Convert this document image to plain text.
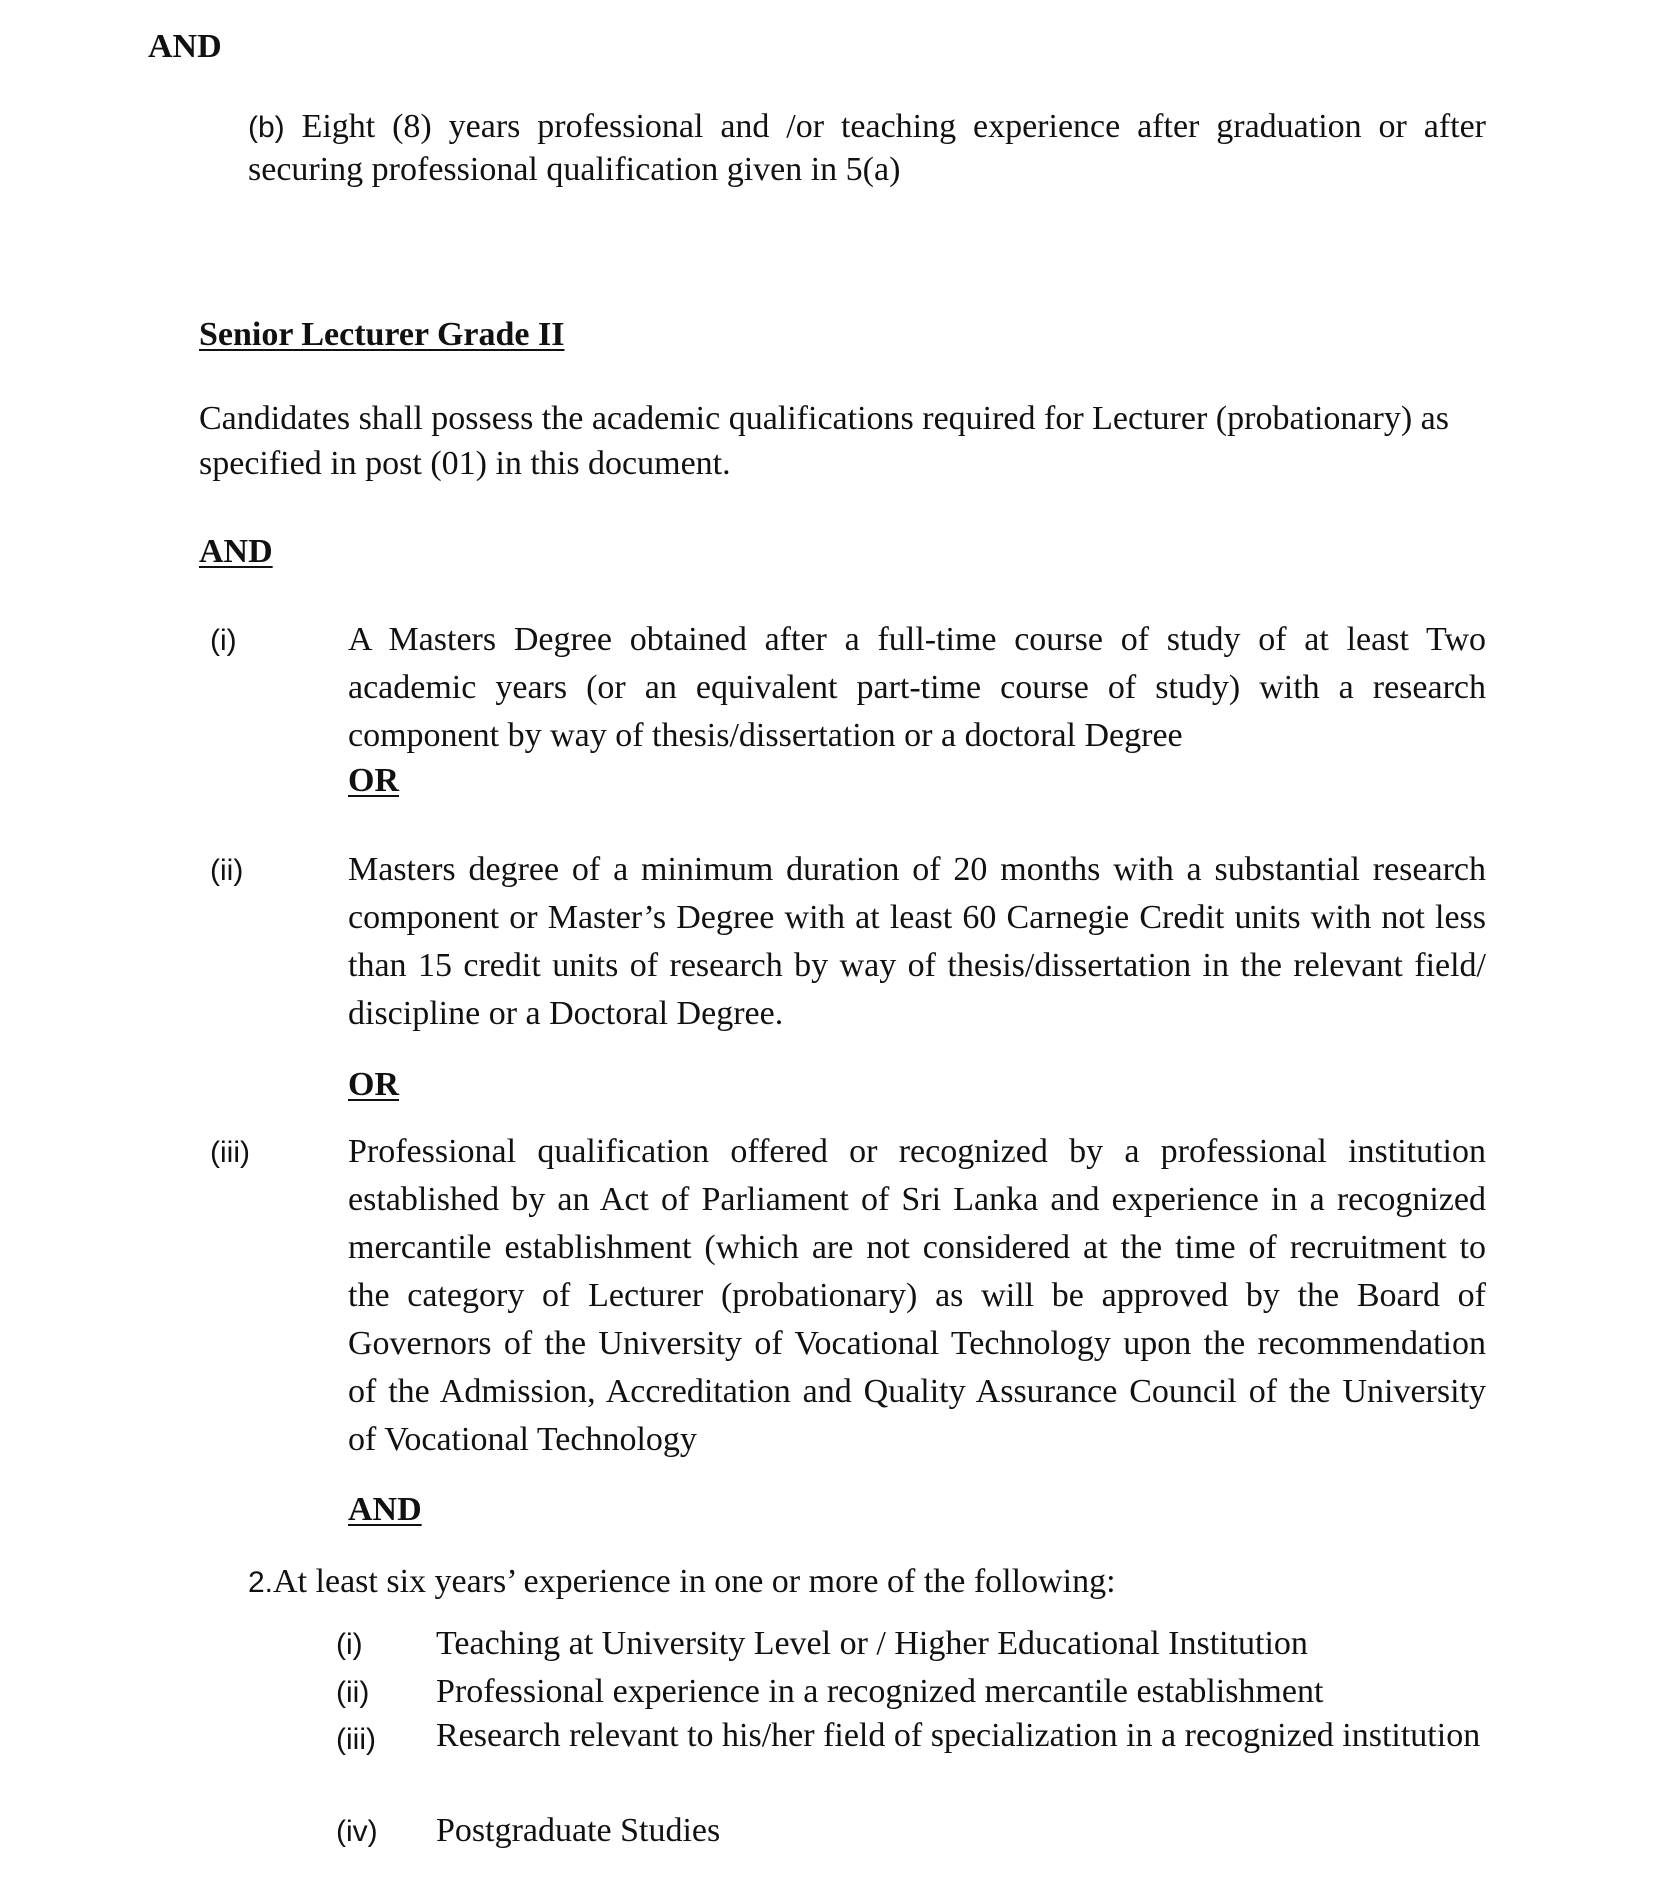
AND
(b) Eight (8) years professional and /or teaching experience after graduation or after securing professional qualification given in 5(a)
Senior Lecturer Grade II
Candidates shall possess the academic qualifications required for Lecturer (probationary) as specified in post (01) in this document.
AND
(i)	A Masters Degree obtained after a full-time course of study of at least Two academic years (or an equivalent part-time course of study) with a research component by way of thesis/dissertation or a doctoral Degree
OR
(ii)	Masters degree of a minimum duration of 20 months with a substantial research component or Master’s Degree with at least 60 Carnegie Credit units with not less than 15 credit units of research by way of thesis/dissertation in the relevant field/ discipline or a Doctoral Degree.
OR
(iii)	Professional qualification offered or recognized by a professional institution established by an Act of Parliament of Sri Lanka and experience in a recognized mercantile establishment (which are not considered at the time of recruitment to the category of Lecturer (probationary) as will be approved by the Board of Governors of the University of Vocational Technology upon the recommendation of the Admission, Accreditation and Quality Assurance Council of the University of Vocational Technology
AND
2.At least six years’ experience in one or more of the following:
(i) Teaching at University Level or / Higher Educational Institution
(ii) Professional experience in a recognized mercantile establishment
(iii) Research relevant to his/her field of specialization in a recognized institution
(iv) Postgraduate Studies
